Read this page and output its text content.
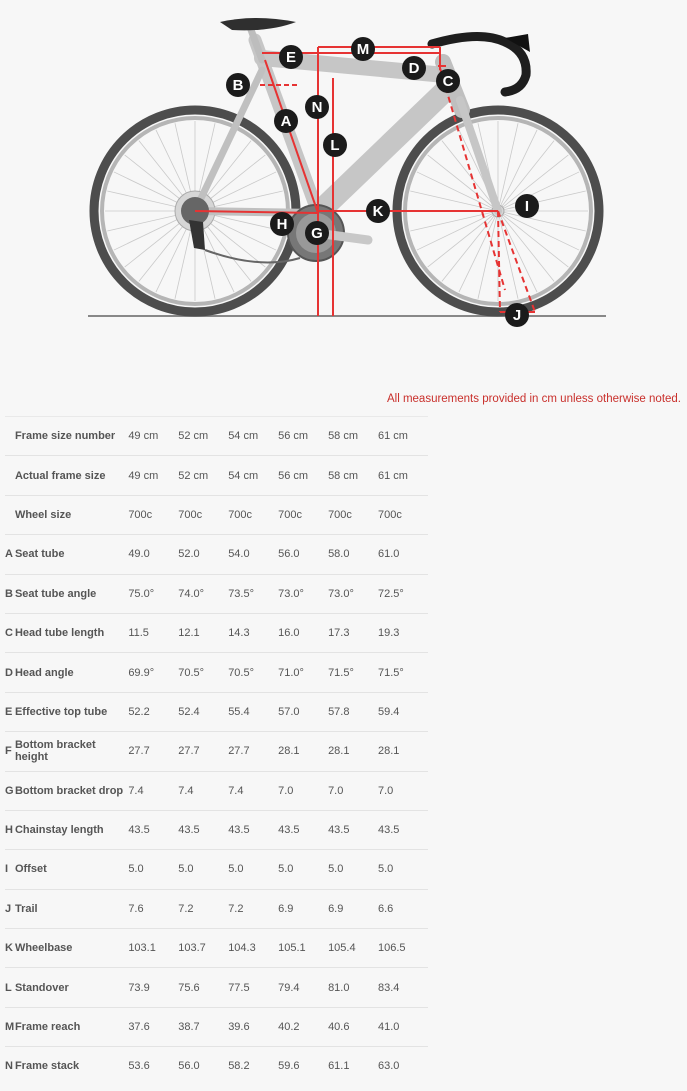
A
B	C
D
E
G
H
I
J
K
L
M
N
All measurements provided in cm unless otherwise noted.
	Frame size number	49 cm	52 cm	54 cm	56 cm	58 cm	61 cm
	Actual frame size	49 cm	52 cm	54 cm	56 cm	58 cm	61 cm
	Wheel size	700c	700c	700c	700c	700c	700c
A	Seat tube	49.0	52.0	54.0	56.0	58.0	61.0
B	Seat tube angle	75.0°	74.0°	73.5°	73.0°	73.0°	72.5°
C	Head tube length	11.5	12.1	14.3	16.0	17.3	19.3
D	Head angle	69.9°	70.5°	70.5°	71.0°	71.5°	71.5°
E	Effective top tube	52.2	52.4	55.4	57.0	57.8	59.4
F	Bottom bracket height	27.7	27.7	27.7	28.1	28.1	28.1
G	Bottom bracket drop	7.4	7.4	7.4	7.0	7.0	7.0
H	Chainstay length	43.5	43.5	43.5	43.5	43.5	43.5
I	Offset	5.0	5.0	5.0	5.0	5.0	5.0
J	Trail	7.6	7.2	7.2	6.9	6.9	6.6
K	Wheelbase	103.1	103.7	104.3	105.1	105.4	106.5
L	Standover	73.9	75.6	77.5	79.4	81.0	83.4
M	Frame reach	37.6	38.7	39.6	40.2	40.6	41.0
N	Frame stack	53.6	56.0	58.2	59.6	61.1	63.0
